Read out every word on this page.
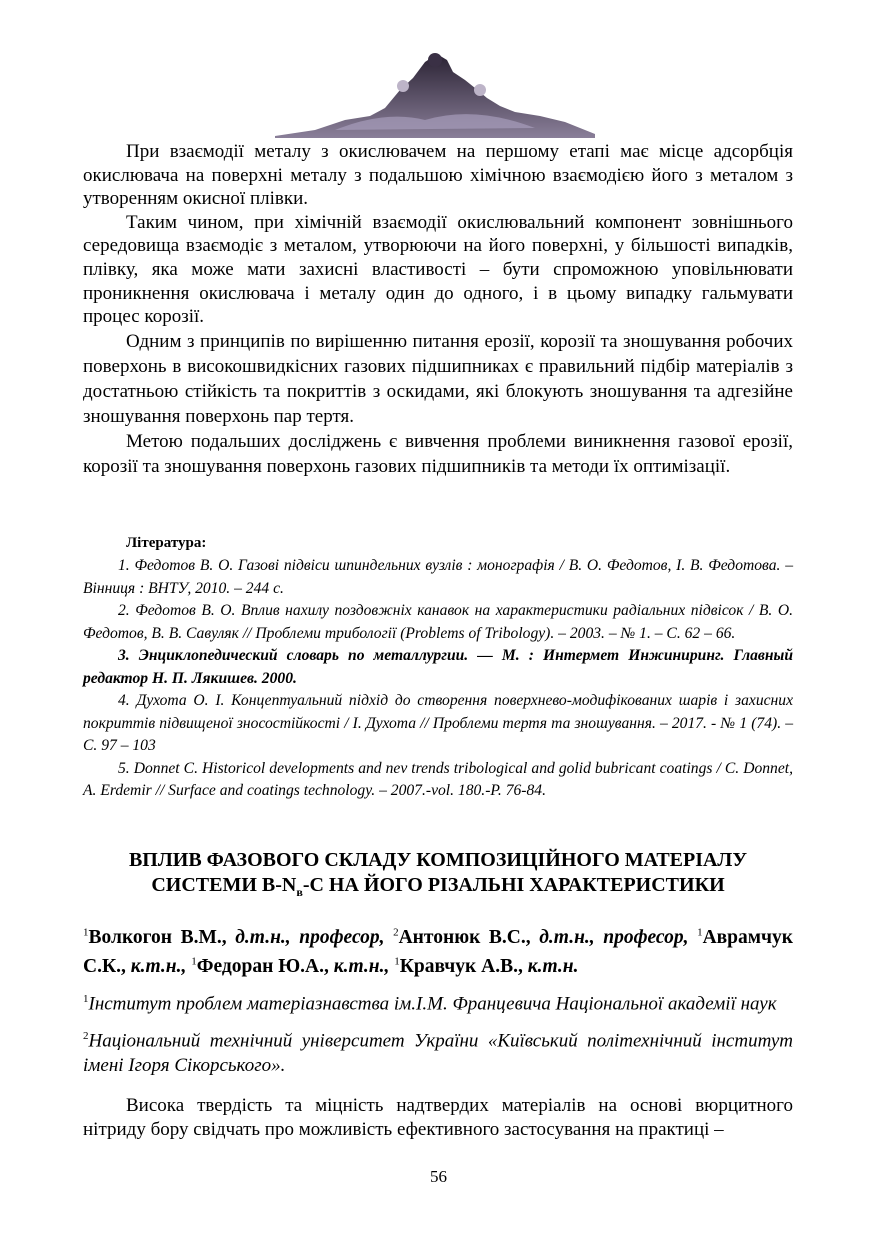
При взаємодії металу з окислювачем на першому етапі має місце адсорбція окислювача на поверхні металу з подальшою хімічною взаємодією його з металом з утворенням окисної плівки.

Таким чином, при хімічній взаємодії окислювальний компонент зовнішнього середовища взаємодіє з металом, утворюючи на його поверхні, у більшості випадків, плівку, яка може мати захисні властивості – бути спроможною уповільнювати проникнення окислювача і металу один до одного, і в цьому випадку гальмувати процес корозії.

Одним з принципів по вирішенню питання ерозії, корозії та зношування робочих поверхонь в високошвидкісних газових підшипниках є правильний підбір матеріалів з достатньою стійкість та покриттів з оскидами, які блокують зношування та адгезійне зношування поверхонь пар тертя.

Метою подальших досліджень є вивчення проблеми виникнення газової ерозії, корозії та зношування поверхонь газових підшипників та методи їх оптимізації.

Література:

1. Федотов В. О. Газові підвіси шпиндельних вузлів : монографія / В. О. Федотов, І. В. Федотова. – Вінниця : ВНТУ, 2010. – 244 с.

2. Федотов В. О. Вплив нахилу поздовжніх канавок на характеристики радіальних підвісок / В. О. Федотов, В. В. Савуляк // Проблеми трибології (Problems of Tribology). – 2003. – № 1. – С. 62 – 66.

3. Энциклопедический словарь по металлургии. — М. : Интермет Инжиниринг. Главный редактор Н. П. Лякишев. 2000.

4. Духота О. І. Концептуальний підхід до створення поверхнево-модифікованих шарів і захисних покриттів підвищеної зносостійкості / І. Духота // Проблеми тертя та зношування. – 2017. - № 1 (74). – С. 97 – 103

5. Donnet C. Historicol developments and nev trends tribological and golid bubricant coatings / C. Donnet, A. Erdemir // Surface and coatings technology. – 2007.-vol. 180.-P. 76-84.

ВПЛИВ ФАЗОВОГО СКЛАДУ КОМПОЗИЦІЙНОГО МАТЕРІАЛУ
СИСТЕМИ $B-N_в-C$ НА ЙОГО РІЗАЛЬНІ ХАРАКТЕРИСТИКИ
$^1$Волкогон В.М., д.т.н., професор, $^2$Антонюк В.С., д.т.н., професор, $^1$Аврамчук С.К., к.т.н., $^1$Федоран Ю.А., к.т.н., $^1$Кравчук А.В., к.т.н.

$^1$Інститут проблем матеріазнавства ім.І.М. Францевича Національної академії наук

$^2$Національний технічний університет України «Київський політехнічний інститут імені Ігоря Сікорського».

Висока твердість та міцність надтвердих матеріалів на основі вюрцитного нітриду бору свідчать про можливість ефективного застосування на практиці –

56
